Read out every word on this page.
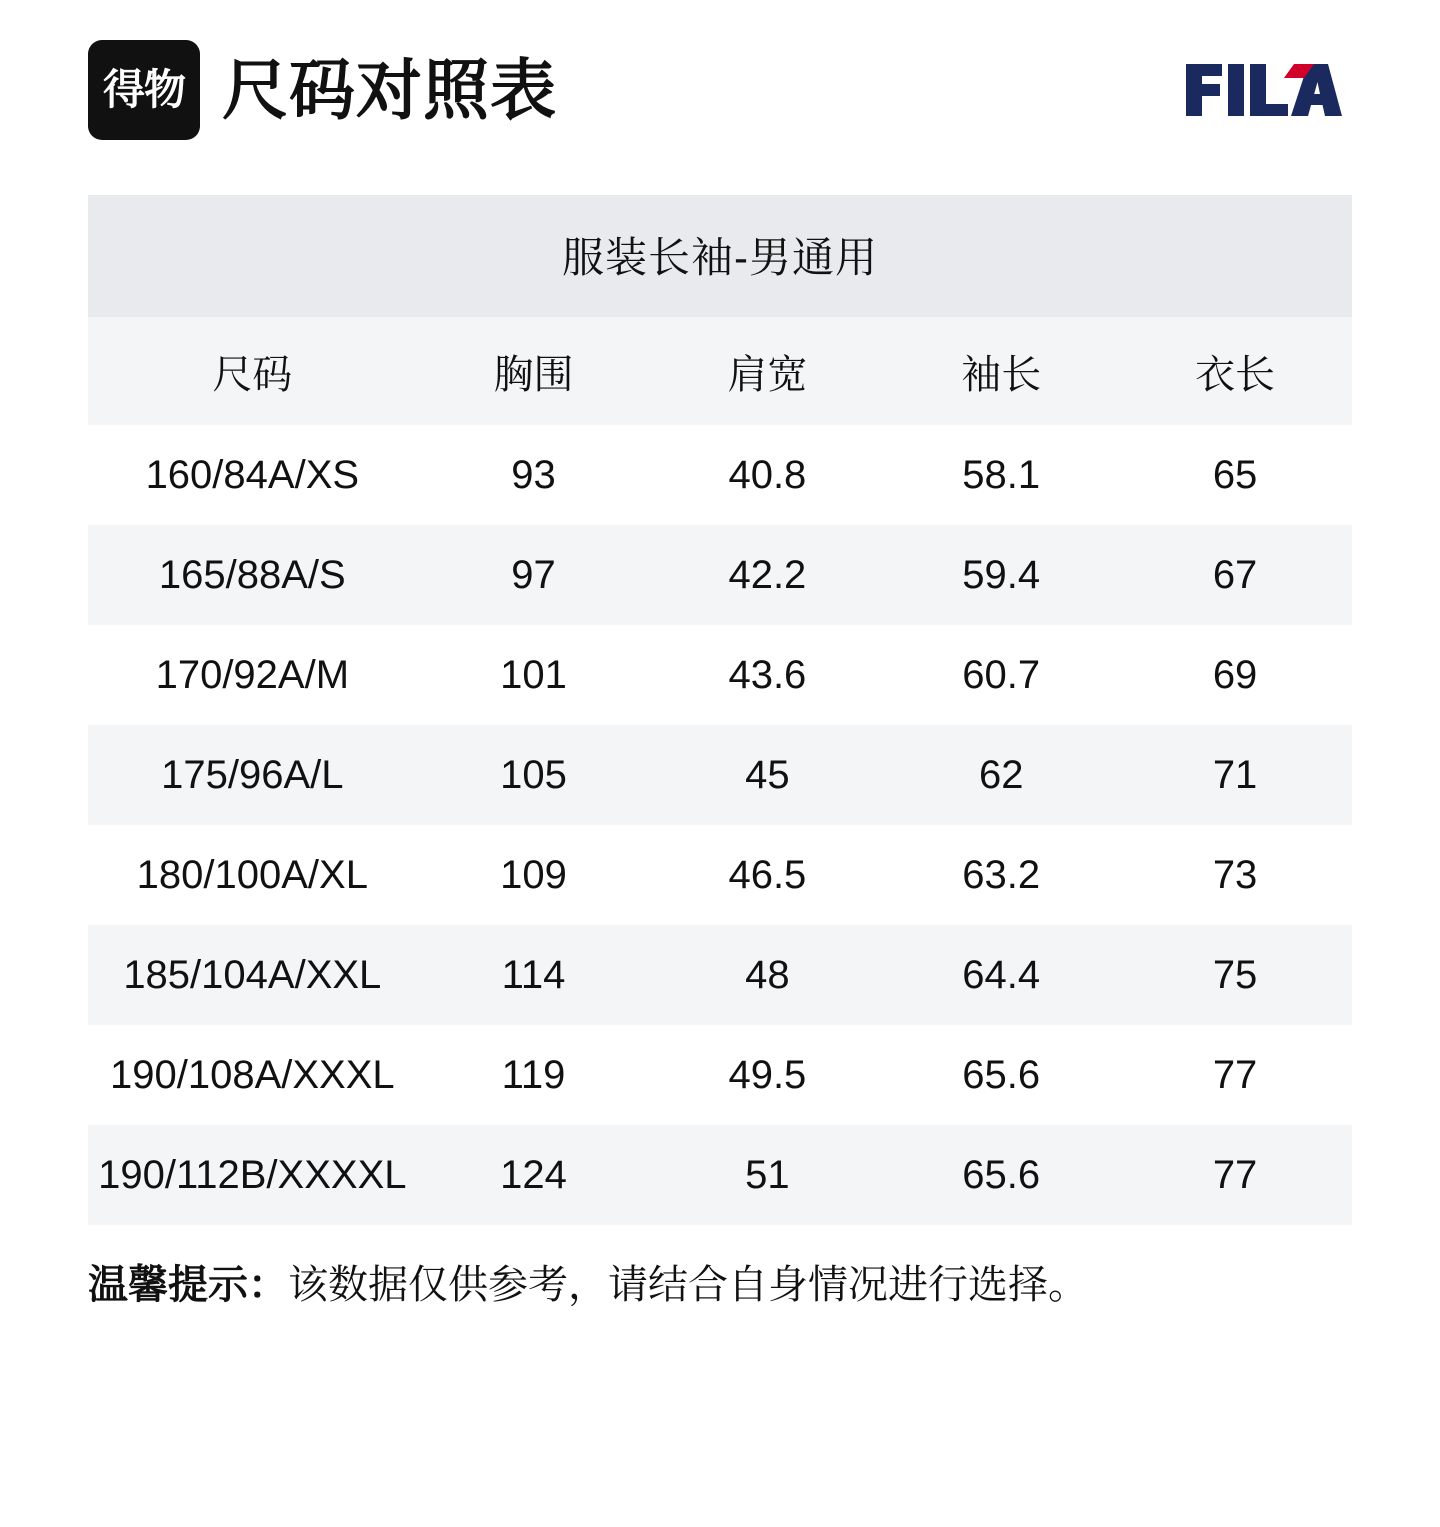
得物 尺码对照表
服装长袖-男通用
尺码	胸围	肩宽	袖长	衣长
160/84A/XS	93	40.8	58.1	65
165/88A/S	97	42.2	59.4	67
170/92A/M	101	43.6	60.7	69
175/96A/L	105	45	62	71
180/100A/XL	109	46.5	63.2	73
185/104A/XXL	114	48	64.4	75
190/108A/XXXL	119	49.5	65.6	77
190/112B/XXXXL	124	51	65.6	77
温馨提示：该数据仅供参考，请结合自身情况进行选择。
